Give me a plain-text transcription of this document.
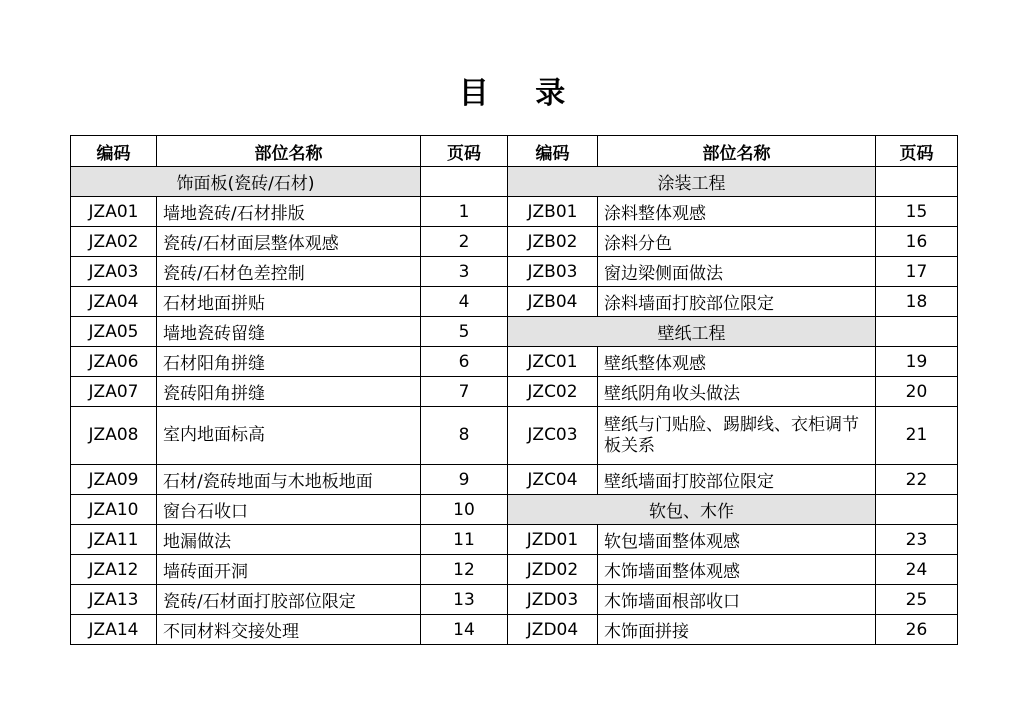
目 录
编码	部位名称	页码	编码	部位名称	页码
饰面板(瓷砖/石材)			涂装工程		
JZA01	墙地瓷砖/石材排版	1	JZB01	涂料整体观感	15
JZA02	瓷砖/石材面层整体观感	2	JZB02	涂料分色	16
JZA03	瓷砖/石材色差控制	3	JZB03	窗边梁侧面做法	17
JZA04	石材地面拼贴	4	JZB04	涂料墙面打胶部位限定	18
JZA05	墙地瓷砖留缝	5	壁纸工程		
JZA06	石材阳角拼缝	6	JZC01	壁纸整体观感	19
JZA07	瓷砖阳角拼缝	7	JZC02	壁纸阴角收头做法	20
JZA08	室内地面标高	8	JZC03	壁纸与门贴脸、踢脚线、衣柜调节板关系	21
JZA09	石材/瓷砖地面与木地板地面	9	JZC04	壁纸墙面打胶部位限定	22
JZA10	窗台石收口	10	软包、木作		
JZA11	地漏做法	11	JZD01	软包墙面整体观感	23
JZA12	墙砖面开洞	12	JZD02	木饰墙面整体观感	24
JZA13	瓷砖/石材面打胶部位限定	13	JZD03	木饰墙面根部收口	25
JZA14	不同材料交接处理	14	JZD04	木饰面拼接	26
